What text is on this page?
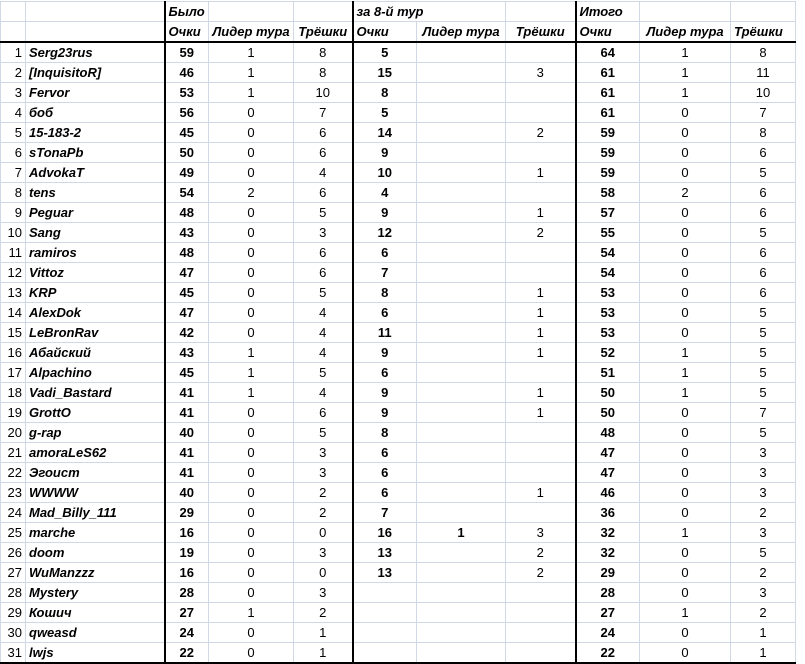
		Было			за 8-й тур			Итого		
		Очки	Лидер тура	Трёшки	Очки	Лидер тура	Трёшки	Очки	Лидер тура	Трёшки
1	Serg23rus	59	1	8	5			64	1	8
2	[InquisitoR]	46	1	8	15		3	61	1	11
3	Fervor	53	1	10	8			61	1	10
4	боб	56	0	7	5			61	0	7
5	15-183-2	45	0	6	14		2	59	0	8
6	sTonaPb	50	0	6	9			59	0	6
7	AdvokaT	49	0	4	10		1	59	0	5
8	tens	54	2	6	4			58	2	6
9	Peguar	48	0	5	9		1	57	0	6
10	Sang	43	0	3	12		2	55	0	5
11	ramiros	48	0	6	6			54	0	6
12	Vittoz	47	0	6	7			54	0	6
13	KRP	45	0	5	8		1	53	0	6
14	AlexDok	47	0	4	6		1	53	0	5
15	LeBronRav	42	0	4	11		1	53	0	5
16	Абайский	43	1	4	9		1	52	1	5
17	Alpachino	45	1	5	6			51	1	5
18	Vadi_Bastard	41	1	4	9		1	50	1	5
19	GrottO	41	0	6	9		1	50	0	7
20	g-rap	40	0	5	8			48	0	5
21	amoraLeS62	41	0	3	6			47	0	3
22	Эгоист	41	0	3	6			47	0	3
23	WWWW	40	0	2	6		1	46	0	3
24	Mad_Billy_111	29	0	2	7			36	0	2
25	marche	16	0	0	16	1	3	32	1	3
26	doom	19	0	3	13		2	32	0	5
27	WuManzzz	16	0	0	13		2	29	0	2
28	Mystery	28	0	3				28	0	3
29	Кошич	27	1	2				27	1	2
30	qweasd	24	0	1				24	0	1
31	lwjs	22	0	1				22	0	1
